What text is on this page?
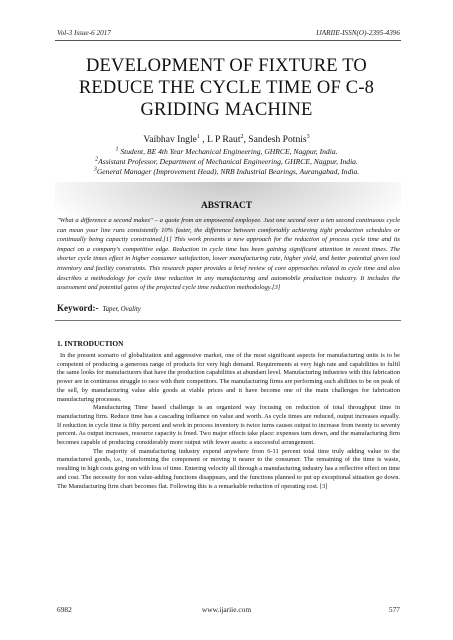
Vol-3 Issue-6 2017	IJARIIE-ISSN(O)-2395-4396
DEVELOPMENT OF FIXTURE TO
REDUCE THE CYCLE TIME OF C-8
GRIDING MACHINE
Vaibhav Ingle$^1$ , L P Raut$^2$, Sandesh Potnis$^3$
$^1$ Student, BE 4th Year Mechanical Engineering, GHRCE, Nagpur, India.
$^2$Assistant Professor, Department of Mechanical Engineering, GHRCE, Nagpur, India.
$^3$General Manager (Improvement Head), NRB Industrial Bearings, Aurangabad, India.
ABSTRACT
"What a difference a second makes" – a quote from an empowered employee. Just one second over a ten second continuous cycle can mean your line runs consistently 10% faster, the difference between comfortably achieving tight production schedules or continually being capacity constrained.[1] This work presents a new approach for the reduction of process cycle time and its impact on a company's competitive edge. Reduction in cycle time has been gaining significant attention in recent times. The shorter cycle times effect in higher consumer satisfaction, lower manufacturing rate, higher yield, and better potential given tool inventory and facility constraints. This research paper provides a brief review of core approaches related to cycle time and also describes a methodology for cycle time reduction in any manufacturing and automobile production industry. It includes the assessment and potential gains of the projected cycle time reduction methodology.[3]
Keyword:- Taper, Ovality
1. INTRODUCTION

In the present scenario of globalization and aggressive market, one of the most significant aspects for manufacturing units is to be competent of producing a generous range of products for very high demand. Requirements at very high rate and capabilities to fulfil the same looks for manufacturers that have the production capabilities at abundant level. Manufacturing industries with this fabrication power are in continuous struggle to race with their competitors. The manufacturing firms are performing such abilities to be on peak of the sell, by manufacturing value able goods at viable prices and it have become one of the main challenges for fabrication manufacturing processes.

Manufacturing Time based challenge is an organized way focusing on reduction of total throughput time in manufacturing firm. Reduce time has a cascading influence on value and worth. As cycle times are reduced, output increases equally. If reduction in cycle time is fifty percent and work in process inventory is twice turns causes output to increase from twenty to seventy percent. As output increases, resource capacity is freed. Two major effects take place: expenses turn down, and the manufacturing firm becomes capable of producing considerably more output with fewer assets: a successful arrangement.

The majority of manufacturing industry expend anywhere from 6-11 percent total time truly adding value to the manufactured goods, i.e., transforming the component or moving it nearer to the consumer. The remaining of the time is waste, resulting in high costs going on with loss of time. Entering velocity all through a manufacturing industry has a reflective effect on time and cost. The necessity for non value-adding functions disappears, and the functions planned to put up exceptional situation go down. The Manufacturing firm chart becomes flat. Following this is a remarkable reduction of operating cost. [3]

6982	www.ijariie.com	577
